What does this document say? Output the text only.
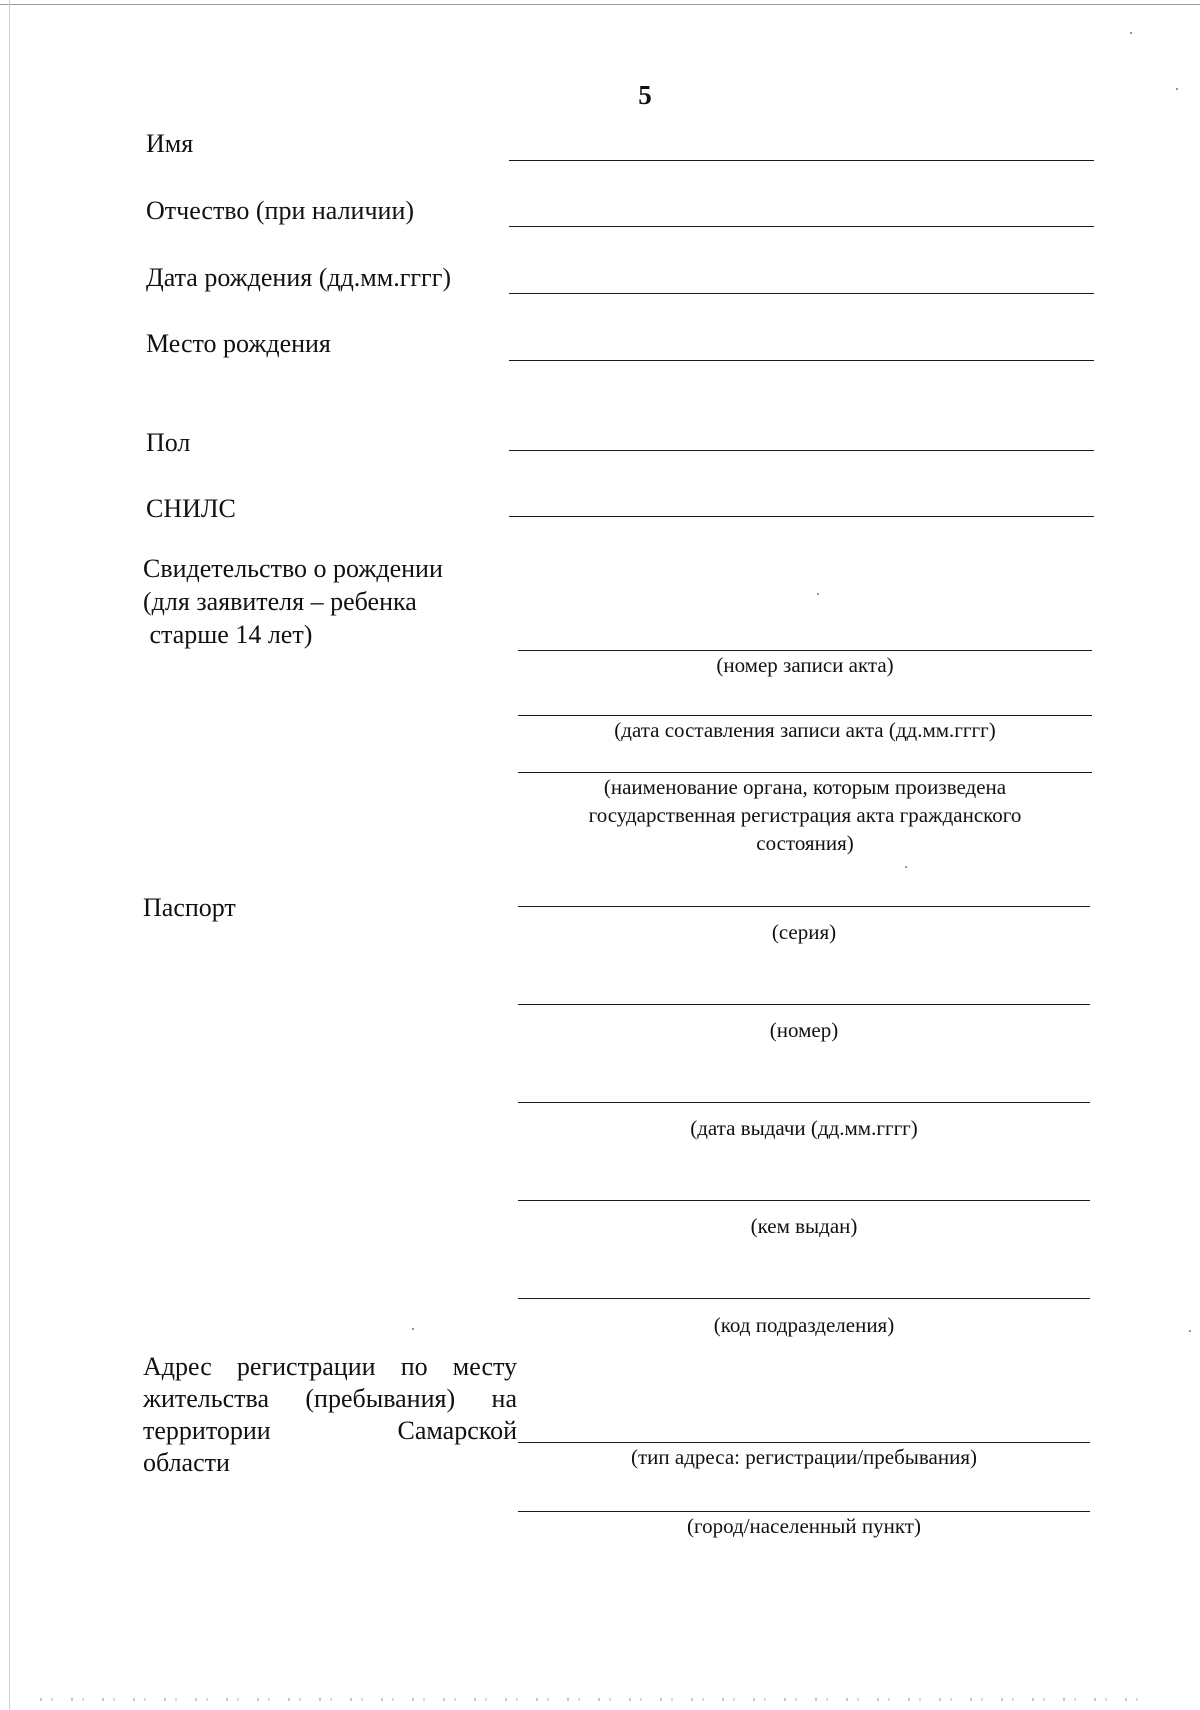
5
Имя
Отчество (при наличии)
Дата рождения (дд.мм.гггг)
Место рождения
Пол
СНИЛС
Свидетельство о рождении
(для заявителя – ребенка
старше 14 лет)
(номер записи акта)
(дата составления записи акта (дд.мм.гггг)
(наименование органа, которым произведена
государственная регистрация акта гражданского
состояния)
Паспорт
(серия)
(номер)
(дата выдачи (дд.мм.гггг)
(кем выдан)
(код подразделения)
Адрес регистрации по месту
жительства (пребывания) на
территории Самарской
области	(тип адреса: регистрации/пребывания)
(город/населенный пункт)
